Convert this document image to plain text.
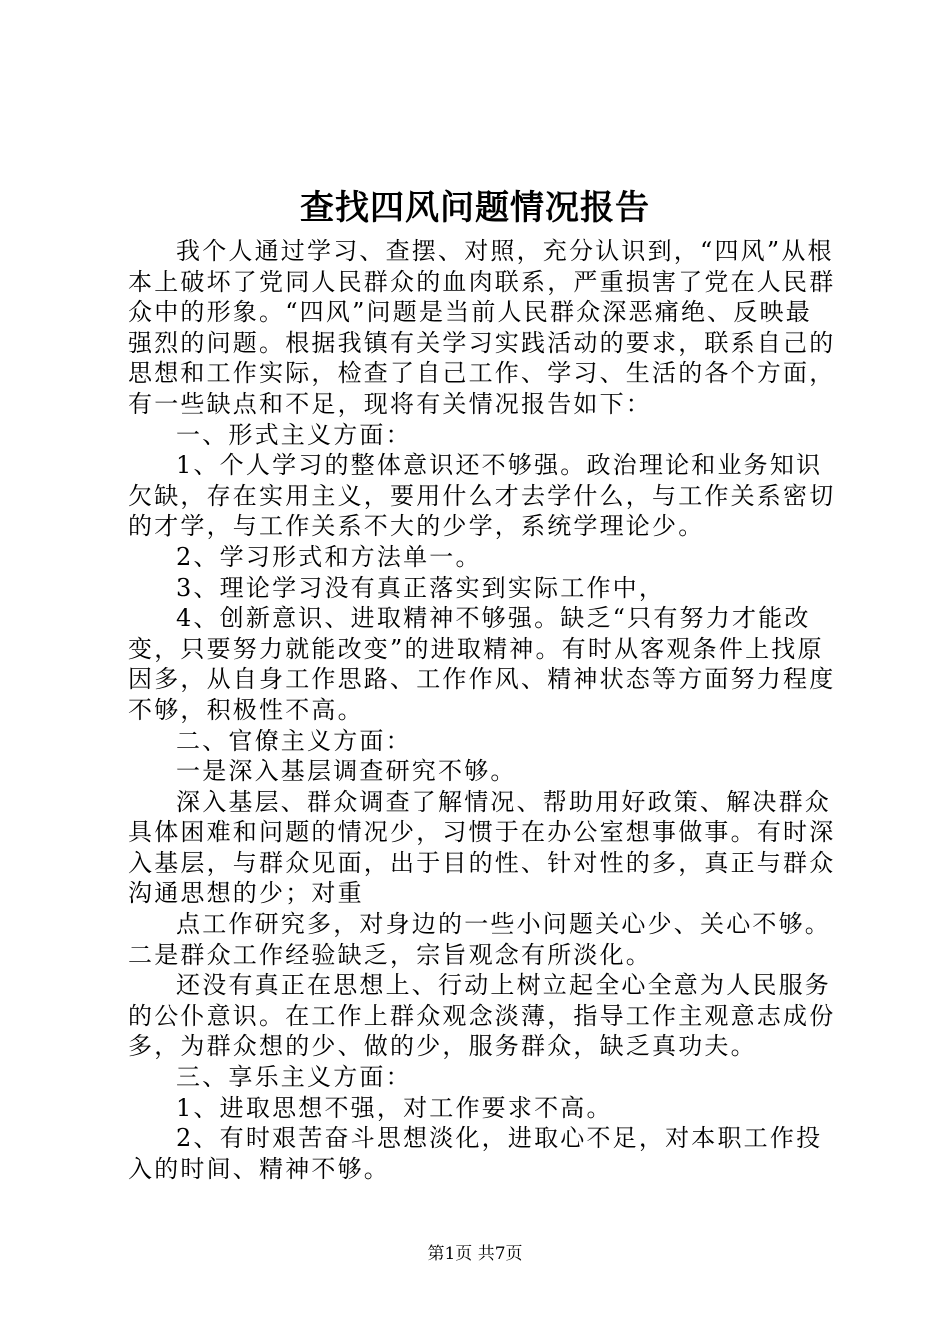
查找四风问题情况报告

我个人通过学习、查摆、对照，充分认识到，“四风”从根本上破坏了党同人民群众的血肉联系，严重损害了党在人民群众中的形象。“四风”问题是当前人民群众深恶痛绝、反映最强烈的问题。根据我镇有关学习实践活动的要求，联系自己的思想和工作实际，检查了自己工作、学习、生活的各个方面，有一些缺点和不足，现将有关情况报告如下：

一、形式主义方面：

1、个人学习的整体意识还不够强。政治理论和业务知识欠缺，存在实用主义，要用什么才去学什么，与工作关系密切的才学，与工作关系不大的少学，系统学理论少。

2、学习形式和方法单一。

3、理论学习没有真正落实到实际工作中，

4、创新意识、进取精神不够强。缺乏“只有努力才能改变，只要努力就能改变”的进取精神。有时从客观条件上找原因多，从自身工作思路、工作作风、精神状态等方面努力程度不够，积极性不高。

二、官僚主义方面：

一是深入基层调查研究不够。

深入基层、群众调查了解情况、帮助用好政策、解决群众具体困难和问题的情况少，习惯于在办公室想事做事。有时深入基层，与群众见面，出于目的性、针对性的多，真正与群众沟通思想的少；对重

点工作研究多，对身边的一些小问题关心少、关心不够。二是群众工作经验缺乏，宗旨观念有所淡化。

还没有真正在思想上、行动上树立起全心全意为人民服务的公仆意识。在工作上群众观念淡薄，指导工作主观意志成份多，为群众想的少、做的少，服务群众，缺乏真功夫。

三、享乐主义方面：

1、进取思想不强，对工作要求不高。

2、有时艰苦奋斗思想淡化，进取心不足，对本职工作投入的时间、精神不够。

第1页 共7页
